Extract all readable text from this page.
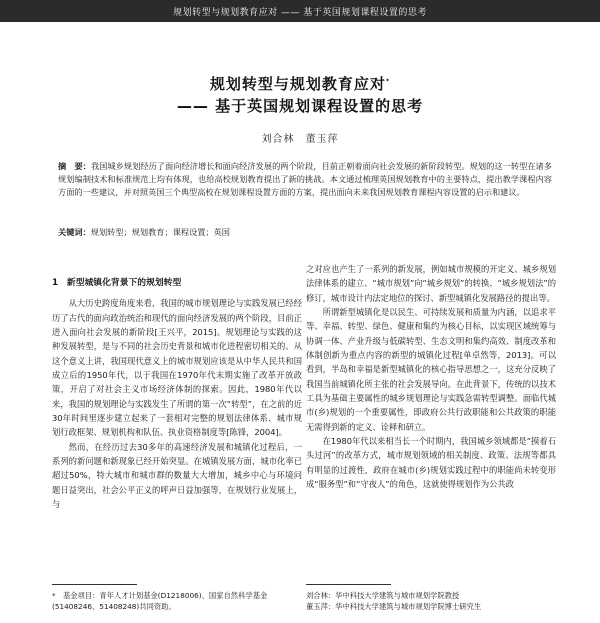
规划转型与规划教育应对 —— 基于英国规划课程设置的思考
规划转型与规划教育应对*
—— 基于英国规划课程设置的思考
刘合林　董玉萍
摘　要：我国城乡规划经历了面向经济增长和面向经济发展的两个阶段，目前正朝着面向社会发展的新阶段转型。规划的这一转型在诸多规划编制技术和标准规范上均有体现，也给高校规划教育提出了新的挑战。本文通过梳理英国规划教育中的主要特点，提出教学课程内容方面的一些建议，并对照英国三个典型高校在规划课程设置方面的方案，提出面向未来我国规划教育课程内容设置的启示和建议。
关键词：规划转型；规划教育；课程设置；英国
1　新型城镇化背景下的规划转型

从大历史跨度角度来看，我国的城市规划理论与实践发展已经经历了古代的面向政治统治和现代的面向经济发展的两个阶段，目前正进入面向社会发展的新阶段[王兴平，2015]。规划理论与实践的这种发展转型，是与不同的社会历史背景和城市化进程密切相关的。从这个意义上讲，我国现代意义上的城市规划应该是从中华人民共和国成立后的1950年代，以于我国在1970年代末期实施了改革开放政策，开启了对社会主义市场经济体制的探索。因此，1980年代以来，我国的规划理论与实践发生了所谓的第一次“转型”，在之前的近30年时间里逐步建立起来了一套相对完整的规划法律体系、城市规划行政框架、规划机构和队伍、执业资格制度等[陈锋，2004]。

然而，在经历过去30多年的高速经济发展和城镇化过程后，一系列的新问题和新现象已经开始突显。在城镇发展方面，城市化率已超过50%，特大城市和城市群的数量大大增加，城乡中心与环境问题日益突出，社会公平正义的呼声日益加强等，在规划行业发展上，与

之对应也产生了一系列的新发展，例如城市规模的开定义、城乡规划法律体系的建立、“城市规划”向“城乡规划”的转换、“城乡规划法”的修订，城市设计内法定地位的探讨、新型城镇化发展路径的提出等。

所谓新型城镇化是以民生、可持续发展和质量为内涵，以追求平等、幸福、转型、绿色、健康和集约为核心目标，以实现区域统筹与协调一体、产业升级与低碳转型、生态文明和集约高效、制度改革和体制创新为重点内容的新型的城镇化过程[单卓然等，2013]。可以看到，半岛和幸福是新型城镇化的核心指导思想之一，这充分反映了我国当前城镇化所主张的社会发展导向。在此背景下，传统的以技术工具为基础主要属性的城乡规划理论与实践急需转型调整。面临代城市(乡)规划的一个重要属性，即政府公共行政职能和公共政策的职能无需得到新的定义、诠释和研立。

在1980年代以来相当长一个时期内，我国城乡领域都是“摸着石头过河”的改革方式，城市规划领域的相关制度、政策、法规等都具有明显的过渡性，政府在城市(乡)规划实践过程中的职能尚未转变形成“服务型”和“守夜人”的角色，这就使得规划作为公共政

*　基金项目：青年人才计划基金(D1218006)、国家自然科学基金(51408246、51408248)共同资助。
刘合林：华中科技大学建筑与城市规划学院教授
董玉萍：华中科技大学建筑与城市规划学院博士研究生
